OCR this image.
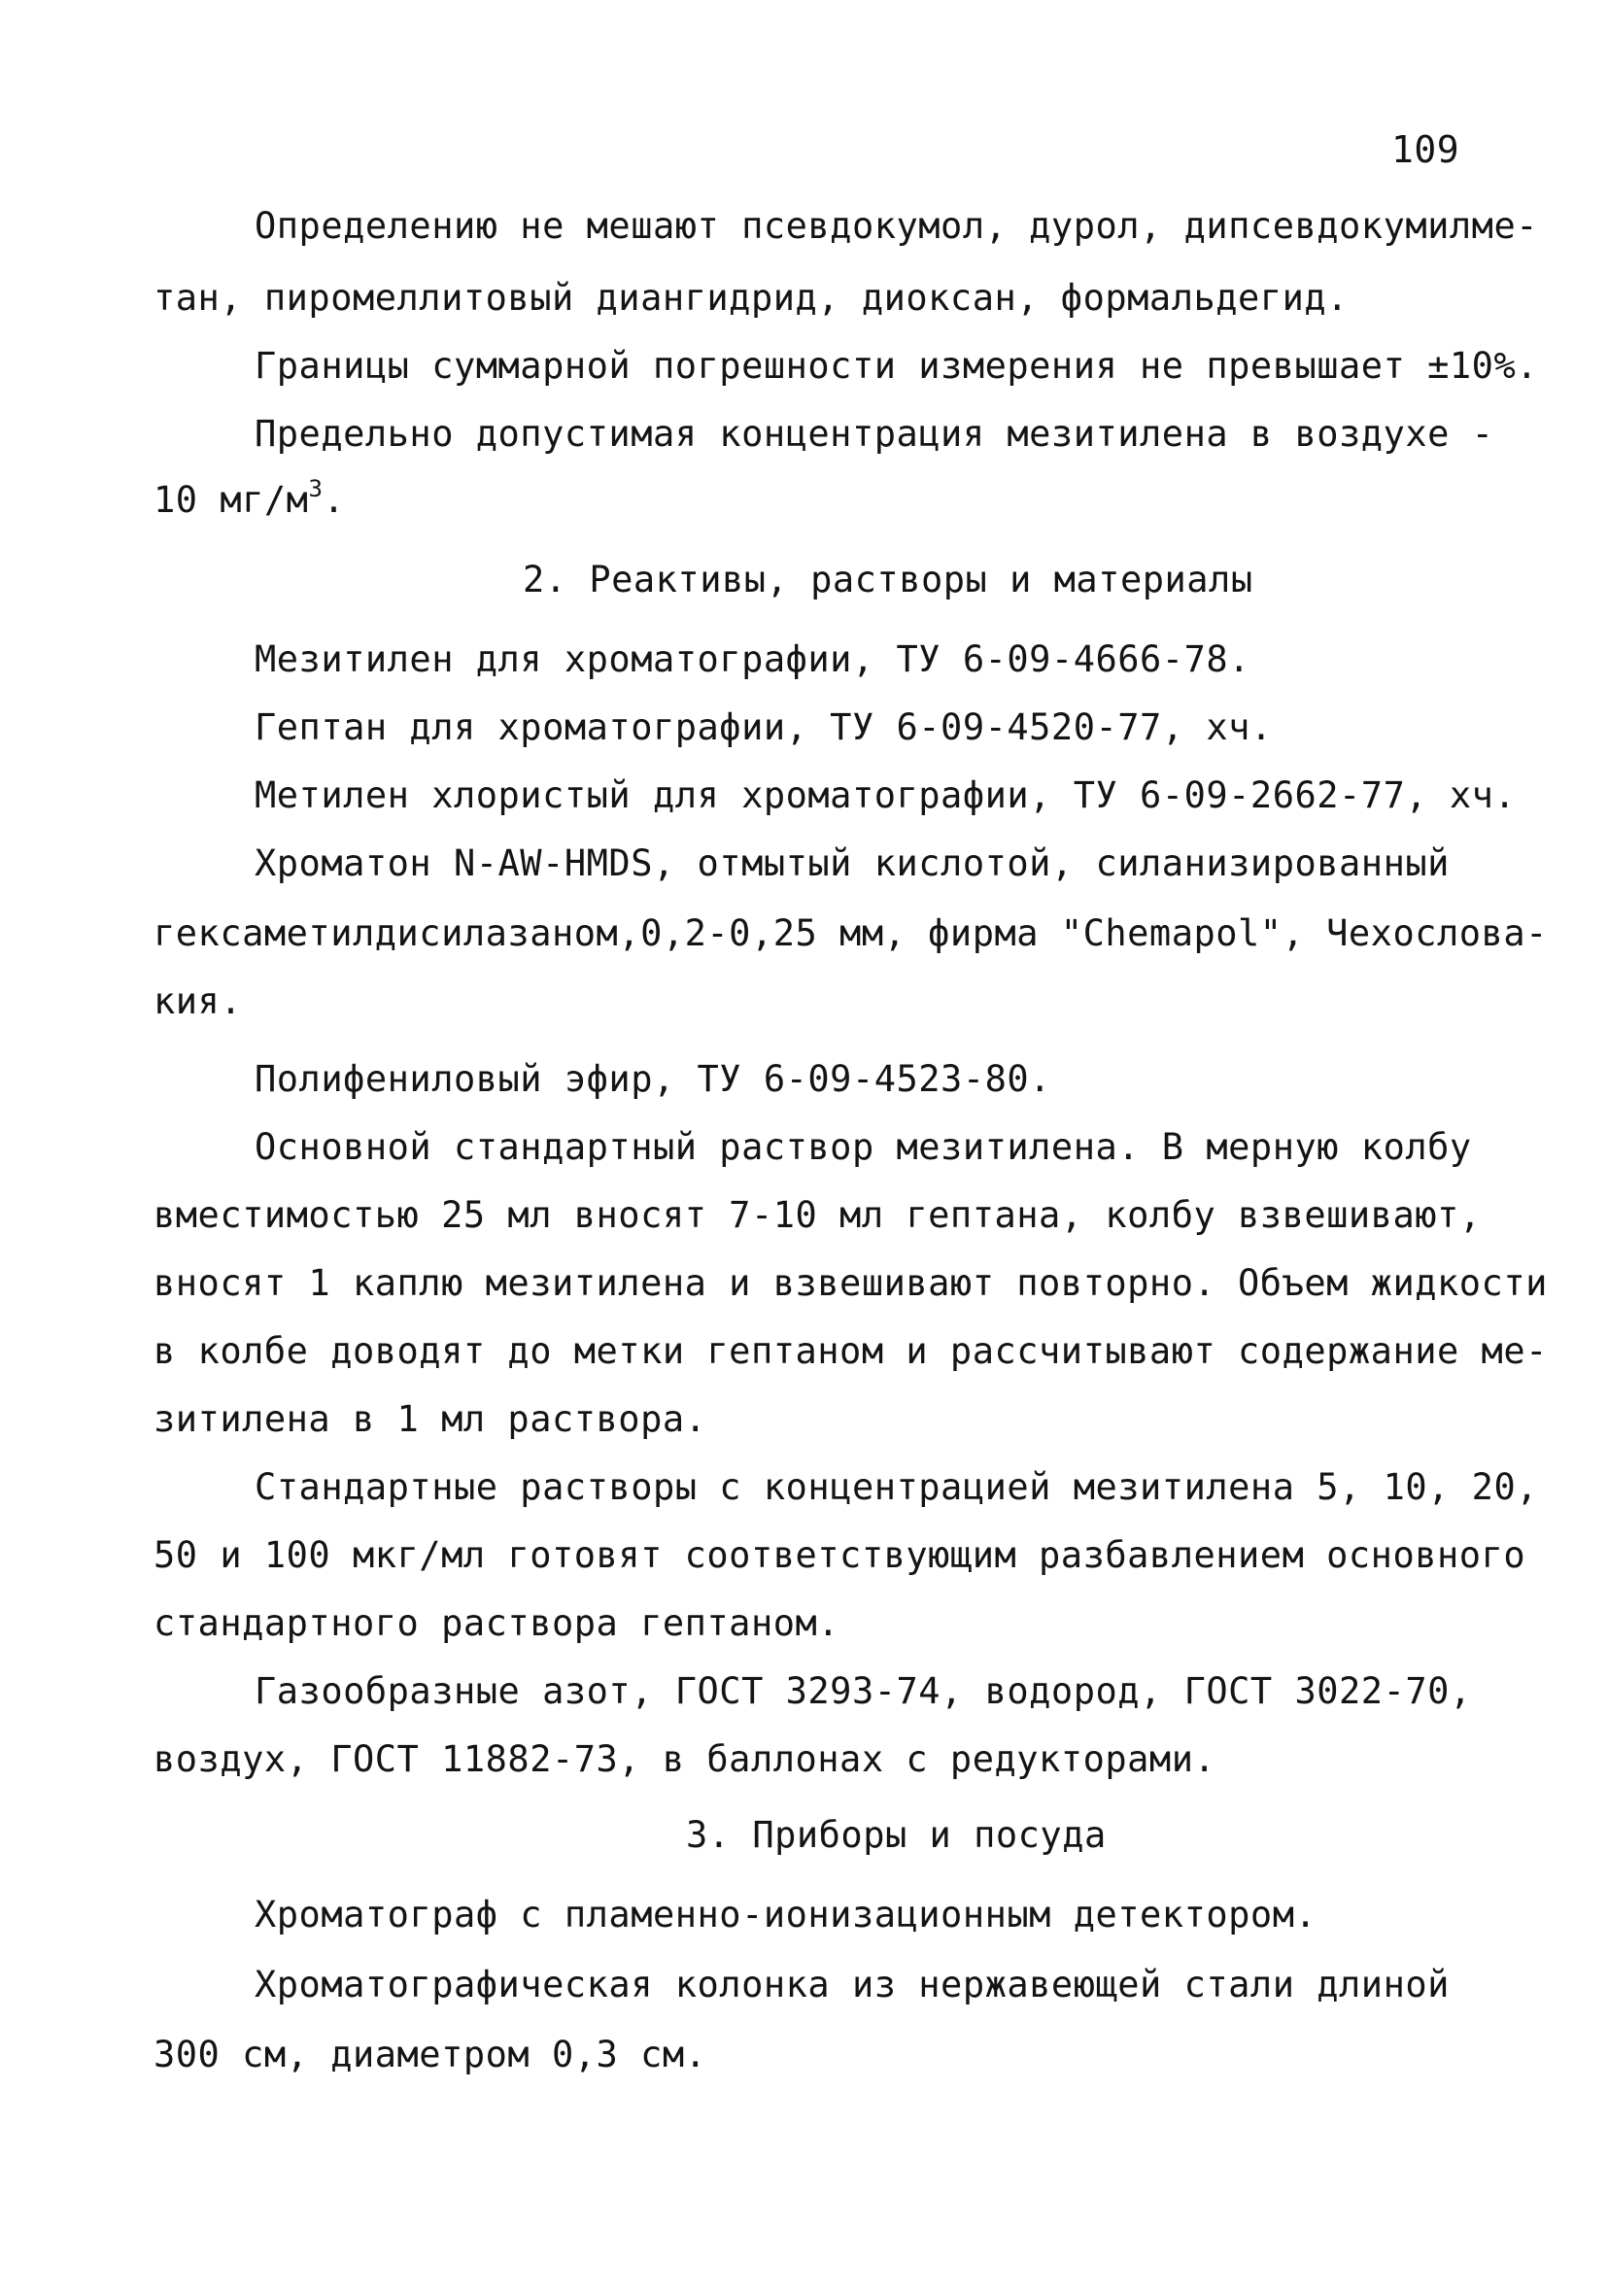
109
Определению не мешают псевдокумол, дурол, дипсевдокумилме-
тан, пиромеллитовый диангидрид, диоксан, формальдегид.
Границы суммарной погрешности измерения не превышает ±10%.
Предельно допустимая концентрация мезитилена в воздухе -
10 $мг/м^3$.
2. Реактивы, растворы и материалы
Мезитилен для хроматографии, ТУ 6-09-4666-78.
Гептан для хроматографии, ТУ 6-09-4520-77, хч.
Метилен хлористый для хроматографии, ТУ 6-09-2662-77, хч.
Хроматон N-AW-HMDS, отмытый кислотой, силанизированный
гексаметилдисилазаном,0,2-0,25 мм, фирма "Chemapol", Чехослова-
кия.
Полифениловый эфир, ТУ 6-09-4523-80.
Основной стандартный раствор мезитилена. В мерную колбу
вместимостью 25 мл вносят 7-10 мл гептана, колбу взвешивают,
вносят 1 каплю мезитилена и взвешивают повторно. Объем жидкости
в колбе доводят до метки гептаном и рассчитывают содержание ме-
зитилена в 1 мл раствора.
Стандартные растворы с концентрацией мезитилена 5, 10, 20,
50 и 100 мкг/мл готовят соответствующим разбавлением основного
стандартного раствора гептаном.
Газообразные азот, ГОСТ 3293-74, водород, ГОСТ 3022-70,
воздух, ГОСТ 11882-73, в баллонах с редукторами.
3. Приборы и посуда
Хроматограф с пламенно-ионизационным детектором.
Хроматографическая колонка из нержавеющей стали длиной
300 см, диаметром 0,3 см.
